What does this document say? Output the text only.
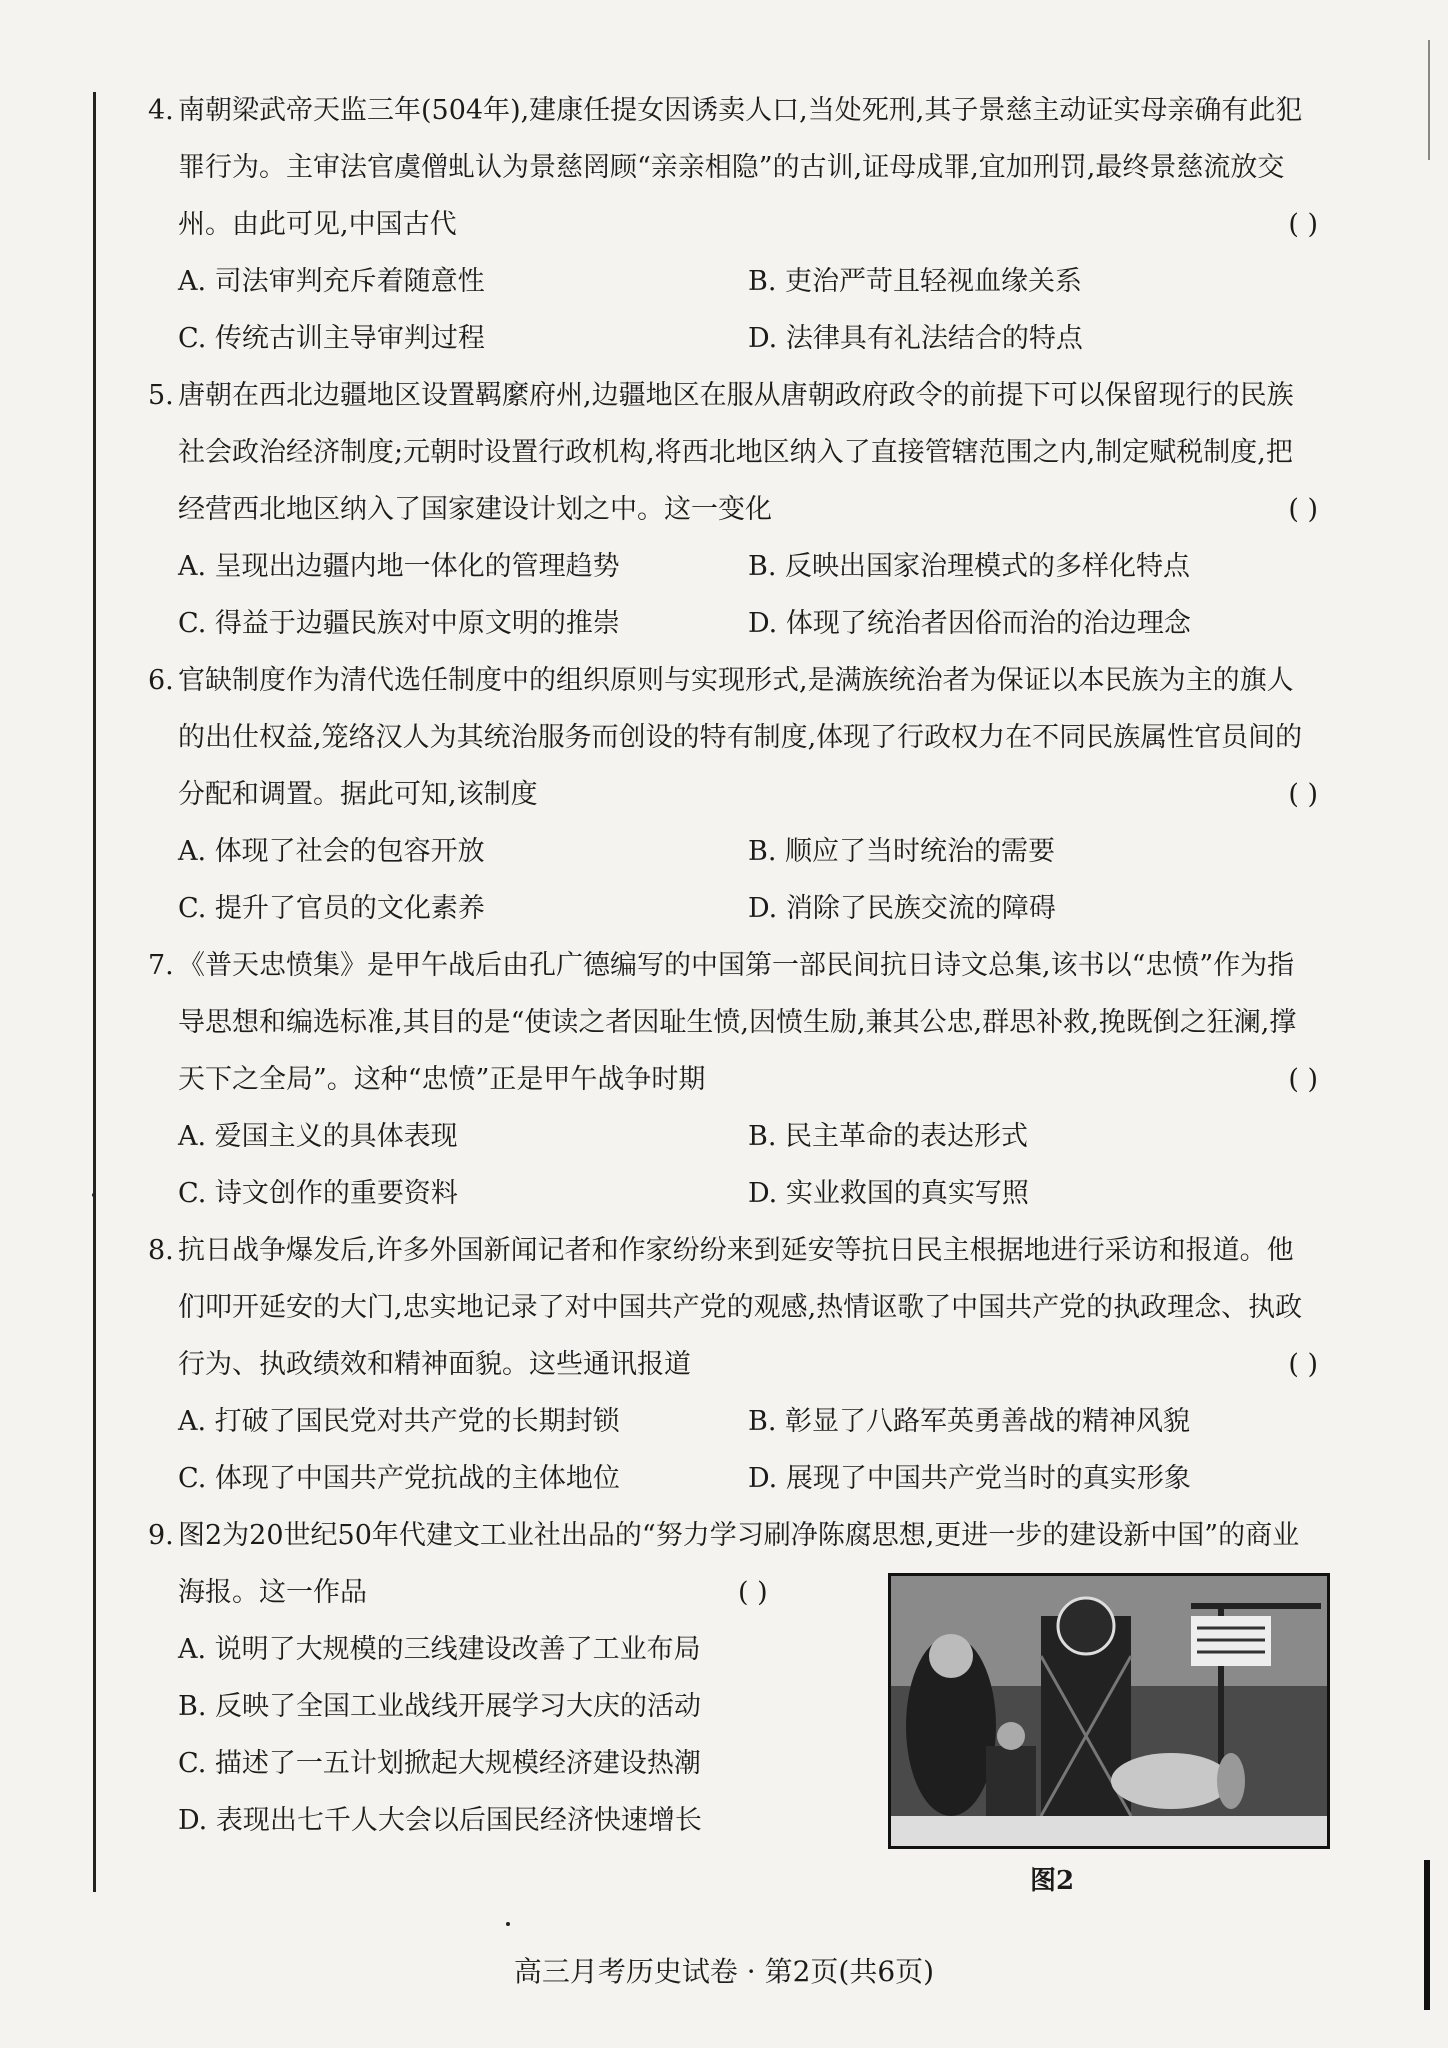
4. 南朝梁武帝天监三年(504年),建康任提女因诱卖人口,当处死刑,其子景慈主动证实母亲确有此犯罪行为。主审法官虞僧虬认为景慈罔顾“亲亲相隐”的古训,证母成罪,宜加刑罚,最终景慈流放交州。由此可见,中国古代	( )
A. 司法审判充斥着随意性	B. 吏治严苛且轻视血缘关系
C. 传统古训主导审判过程	D. 法律具有礼法结合的特点
5. 唐朝在西北边疆地区设置羁縻府州,边疆地区在服从唐朝政府政令的前提下可以保留现行的民族社会政治经济制度;元朝时设置行政机构,将西北地区纳入了直接管辖范围之内,制定赋税制度,把经营西北地区纳入了国家建设计划之中。这一变化	( )
A. 呈现出边疆内地一体化的管理趋势	B. 反映出国家治理模式的多样化特点
C. 得益于边疆民族对中原文明的推崇	D. 体现了统治者因俗而治的治边理念
6. 官缺制度作为清代选任制度中的组织原则与实现形式,是满族统治者为保证以本民族为主的旗人的出仕权益,笼络汉人为其统治服务而创设的特有制度,体现了行政权力在不同民族属性官员间的分配和调置。据此可知,该制度	( )
A. 体现了社会的包容开放	B. 顺应了当时统治的需要
C. 提升了官员的文化素养	D. 消除了民族交流的障碍
7. 《普天忠愤集》是甲午战后由孔广德编写的中国第一部民间抗日诗文总集,该书以“忠愤”作为指导思想和编选标准,其目的是“使读之者因耻生愤,因愤生励,兼其公忠,群思补救,挽既倒之狂澜,撑天下之全局”。这种“忠愤”正是甲午战争时期	( )
A. 爱国主义的具体表现	B. 民主革命的表达形式
C. 诗文创作的重要资料	D. 实业救国的真实写照
8. 抗日战争爆发后,许多外国新闻记者和作家纷纷来到延安等抗日民主根据地进行采访和报道。他们叩开延安的大门,忠实地记录了对中国共产党的观感,热情讴歌了中国共产党的执政理念、执政行为、执政绩效和精神面貌。这些通讯报道	( )
A. 打破了国民党对共产党的长期封锁	B. 彰显了八路军英勇善战的精神风貌
C. 体现了中国共产党抗战的主体地位	D. 展现了中国共产党当时的真实形象
9. 图2为20世纪50年代建文工业社出品的“努力学习刷净陈腐思想,更进一步的建设新中国”的商业海报。这一作品	( )
A. 说明了大规模的三线建设改善了工业布局
B. 反映了全国工业战线开展学习大庆的活动
C. 描述了一五计划掀起大规模经济建设热潮
D. 表现出七千人大会以后国民经济快速增长
图2
高三月考历史试卷 · 第2页(共6页)
